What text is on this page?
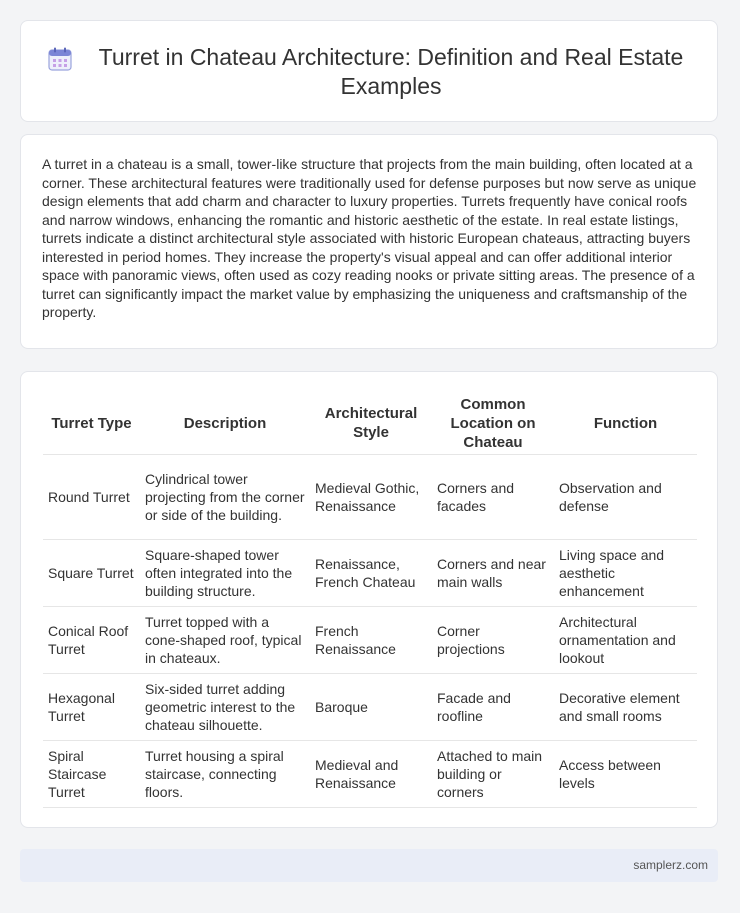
Turret in Chateau Architecture: Definition and Real Estate Examples

A turret in a chateau is a small, tower-like structure that projects from the main building, often located at a corner. These architectural features were traditionally used for defense purposes but now serve as unique design elements that add charm and character to luxury properties. Turrets frequently have conical roofs and narrow windows, enhancing the romantic and historic aesthetic of the estate. In real estate listings, turrets indicate a distinct architectural style associated with historic European chateaus, attracting buyers interested in period homes. They increase the property's visual appeal and can offer additional interior space with panoramic views, often used as cozy reading nooks or private sitting areas. The presence of a turret can significantly impact the market value by emphasizing the uniqueness and craftsmanship of the property.

Turret Type	Description	Architectural Style	Common Location on Chateau	Function
Round Turret	Cylindrical tower projecting from the corner or side of the building.	Medieval Gothic, Renaissance	Corners and facades	Observation and defense
Square Turret	Square-shaped tower often integrated into the building structure.	Renaissance, French Chateau	Corners and near main walls	Living space and aesthetic enhancement
Conical Roof Turret	Turret topped with a cone-shaped roof, typical in chateaux.	French Renaissance	Corner projections	Architectural ornamentation and lookout
Hexagonal Turret	Six-sided turret adding geometric interest to the chateau silhouette.	Baroque	Facade and roofline	Decorative element and small rooms
Spiral Staircase Turret	Turret housing a spiral staircase, connecting floors.	Medieval and Renaissance	Attached to main building or corners	Access between levels
samplerz.com
